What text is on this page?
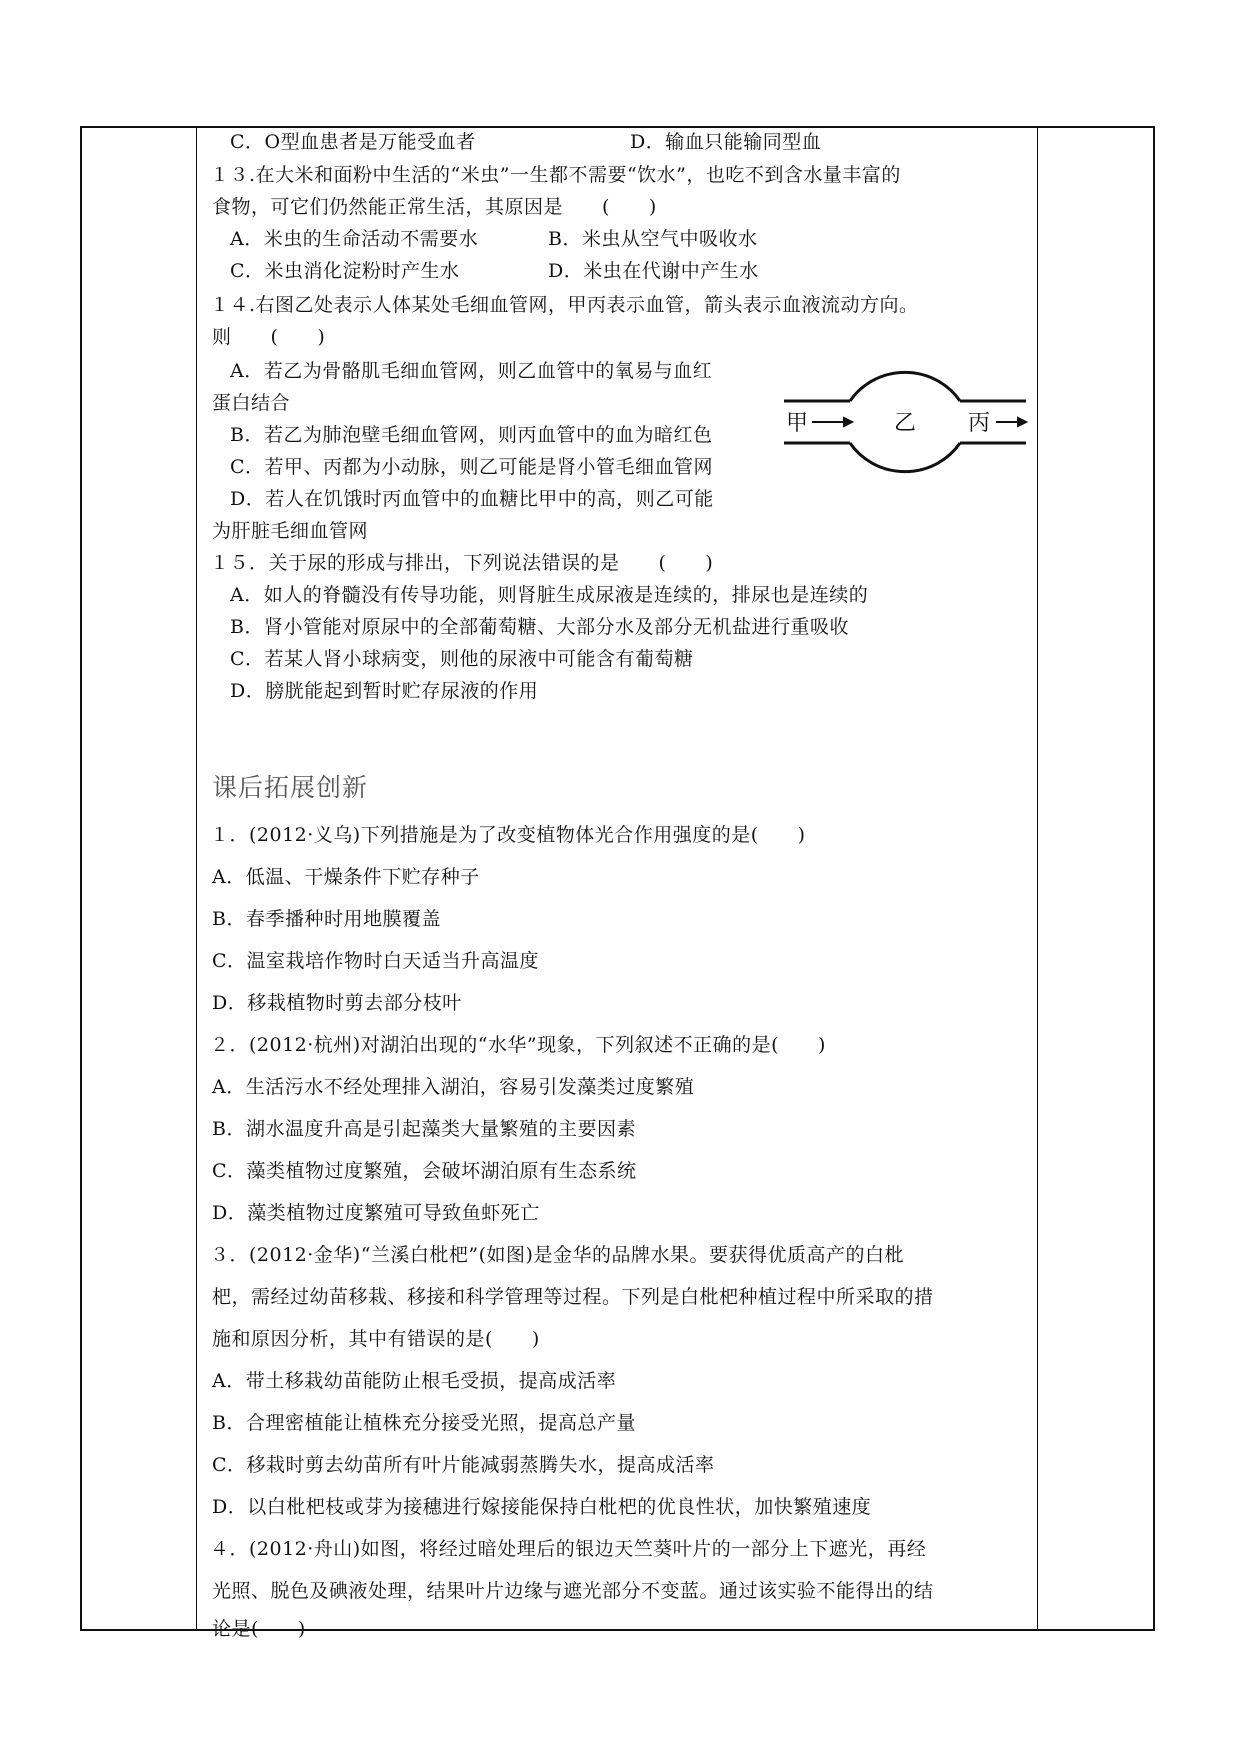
C．O型血患者是万能受血者	D．输血只能输同型血
１３.在大米和面粉中生活的“米虫”一生都不需要“饮水”，也吃不到含水量丰富的
食物，可它们仍然能正常生活，其原因是　　(　　)
A．米虫的生命活动不需要水	B．米虫从空气中吸收水
C．米虫消化淀粉时产生水	D．米虫在代谢中产生水
１４.右图乙处表示人体某处毛细血管网，甲丙表示血管，箭头表示血液流动方向。
则　　(　　)
A．若乙为骨骼肌毛细血管网，则乙血管中的氧易与血红
蛋白结合
B．若乙为肺泡壁毛细血管网，则丙血管中的血为暗红色
C．若甲、丙都为小动脉，则乙可能是肾小管毛细血管网
D．若人在饥饿时丙血管中的血糖比甲中的高，则乙可能
为肝脏毛细血管网
１５．关于尿的形成与排出，下列说法错误的是　　(　　)
A．如人的脊髓没有传导功能，则肾脏生成尿液是连续的，排尿也是连续的
B．肾小管能对原尿中的全部葡萄糖、大部分水及部分无机盐进行重吸收
C．若某人肾小球病变，则他的尿液中可能含有葡萄糖
D．膀胱能起到暂时贮存尿液的作用
课后拓展创新
１．(2012·义乌)下列措施是为了改变植物体光合作用强度的是(　　)
A．低温、干燥条件下贮存种子
B．春季播种时用地膜覆盖
C．温室栽培作物时白天适当升高温度
D．移栽植物时剪去部分枝叶
２．(2012·杭州)对湖泊出现的“水华”现象，下列叙述不正确的是(　　)
A．生活污水不经处理排入湖泊，容易引发藻类过度繁殖
B．湖水温度升高是引起藻类大量繁殖的主要因素
C．藻类植物过度繁殖，会破坏湖泊原有生态系统
D．藻类植物过度繁殖可导致鱼虾死亡
３．(2012·金华)“兰溪白枇杷”(如图)是金华的品牌水果。要获得优质高产的白枇
杷，需经过幼苗移栽、移接和科学管理等过程。下列是白枇杷种植过程中所采取的措
施和原因分析，其中有错误的是(　　)
A．带土移栽幼苗能防止根毛受损，提高成活率
B．合理密植能让植株充分接受光照，提高总产量
C．移栽时剪去幼苗所有叶片能减弱蒸腾失水，提高成活率
D．以白枇杷枝或芽为接穗进行嫁接能保持白枇杷的优良性状，加快繁殖速度
４．(2012·舟山)如图，将经过暗处理后的银边天竺葵叶片的一部分上下遮光，再经
光照、脱色及碘液处理，结果叶片边缘与遮光部分不变蓝。通过该实验不能得出的结
论是(　　)
甲	乙 丙
